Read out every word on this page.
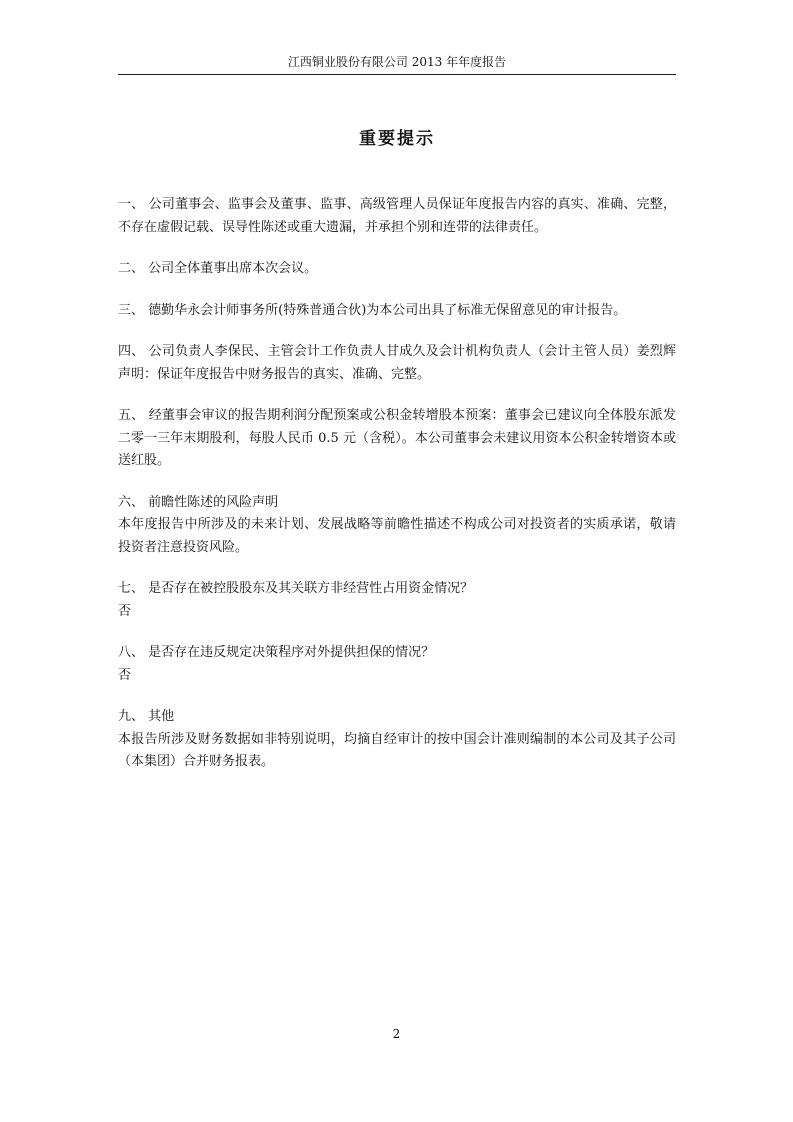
江西铜业股份有限公司 2013 年年度报告
重要提示

一、 公司董事会、监事会及董事、监事、高级管理人员保证年度报告内容的真实、准确、完整，不存在虚假记载、误导性陈述或重大遗漏，并承担个别和连带的法律责任。

二、 公司全体董事出席本次会议。

三、 德勤华永会计师事务所(特殊普通合伙)为本公司出具了标准无保留意见的审计报告。

四、 公司负责人李保民、主管会计工作负责人甘成久及会计机构负责人（会计主管人员）姜烈辉声明：保证年度报告中财务报告的真实、准确、完整。

五、 经董事会审议的报告期利润分配预案或公积金转增股本预案：董事会已建议向全体股东派发二零一三年末期股利，每股人民币 0.5 元（含税）。本公司董事会未建议用资本公积金转增资本或送红股。

六、 前瞻性陈述的风险声明

本年度报告中所涉及的未来计划、发展战略等前瞻性描述不构成公司对投资者的实质承诺，敬请投资者注意投资风险。

七、 是否存在被控股股东及其关联方非经营性占用资金情况？

否

八、 是否存在违反规定决策程序对外提供担保的情况？

否

九、 其他

本报告所涉及财务数据如非特别说明，均摘自经审计的按中国会计准则编制的本公司及其子公司（本集团）合并财务报表。

2
